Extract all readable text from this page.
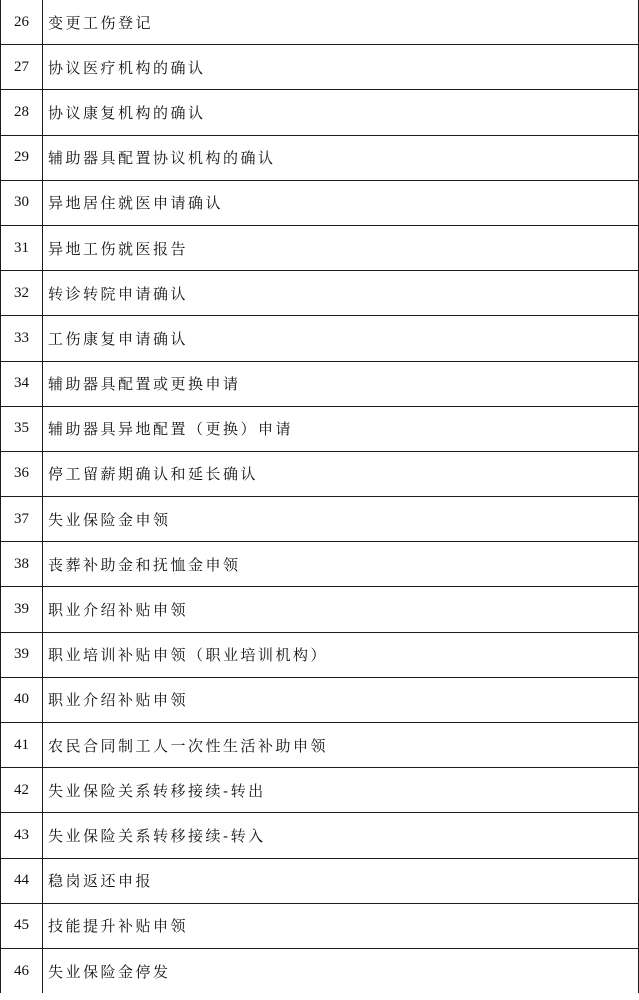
26	变更工伤登记
27	协议医疗机构的确认
28	协议康复机构的确认
29	辅助器具配置协议机构的确认
30	异地居住就医申请确认
31	异地工伤就医报告
32	转诊转院申请确认
33	工伤康复申请确认
34	辅助器具配置或更换申请
35	辅助器具异地配置（更换）申请
36	停工留薪期确认和延长确认
37	失业保险金申领
38	丧葬补助金和抚恤金申领
39	职业介绍补贴申领
39	职业培训补贴申领（职业培训机构）
40	职业介绍补贴申领
41	农民合同制工人一次性生活补助申领
42	失业保险关系转移接续-转出
43	失业保险关系转移接续-转入
44	稳岗返还申报
45	技能提升补贴申领
46	失业保险金停发
